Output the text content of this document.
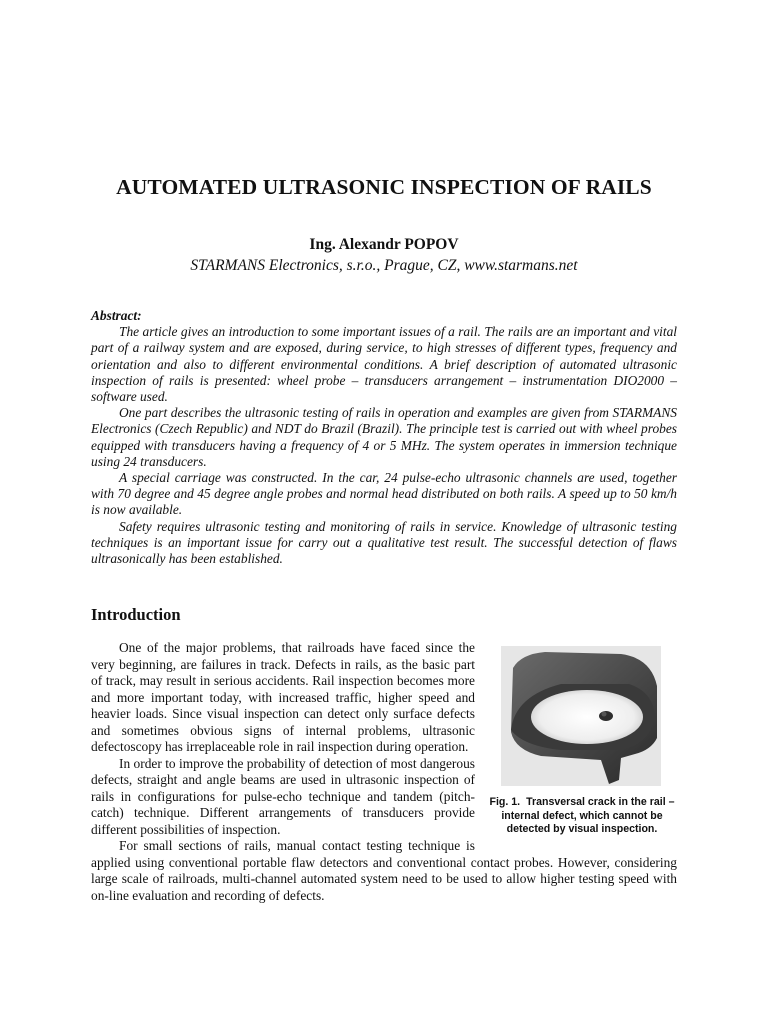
AUTOMATED ULTRASONIC INSPECTION OF RAILS
Ing. Alexandr POPOV
STARMANS Electronics, s.r.o., Prague, CZ, www.starmans.net
Abstract:

The article gives an introduction to some important issues of a rail. The rails are an important and vital part of a railway system and are exposed, during service, to high stresses of different types, frequency and orientation and also to different environmental conditions. A brief description of automated ultrasonic inspection of rails is presented: wheel probe – transducers arrangement – instrumentation DIO2000 – software used.

One part describes the ultrasonic testing of rails in operation and examples are given from STARMANS Electronics (Czech Republic) and NDT do Brazil (Brazil). The principle test is carried out with wheel probes equipped with transducers having a frequency of 4 or 5 MHz. The system operates in immersion technique using 24 transducers.

A special carriage was constructed. In the car, 24 pulse-echo ultrasonic channels are used, together with 70 degree and 45 degree angle probes and normal head distributed on both rails. A speed up to 50 km/h is now available.

Safety requires ultrasonic testing and monitoring of rails in service. Knowledge of ultrasonic testing techniques is an important issue for carry out a qualitative test result. The successful detection of flaws ultrasonically has been established.

Introduction
Fig. 1. Transversal crack in the rail – internal defect, which cannot be detected by visual inspection.

One of the major problems, that railroads have faced since the very beginning, are failures in track. Defects in rails, as the basic part of track, may result in serious accidents. Rail inspection becomes more and more important today, with increased traffic, higher speed and heavier loads. Since visual inspection can detect only surface defects and sometimes obvious signs of internal problems, ultrasonic defectoscopy has irreplaceable role in rail inspection during operation.

In order to improve the probability of detection of most dangerous defects, straight and angle beams are used in ultrasonic inspection of rails in configurations for pulse-echo technique and tandem (pitch-catch) technique. Different arrangements of transducers provide different possibilities of inspection.

For small sections of rails, manual contact testing technique is applied using conventional portable flaw detectors and conventional contact probes. However, considering large scale of railroads, multi-channel automated system need to be used to allow higher testing speed with on-line evaluation and recording of defects.
